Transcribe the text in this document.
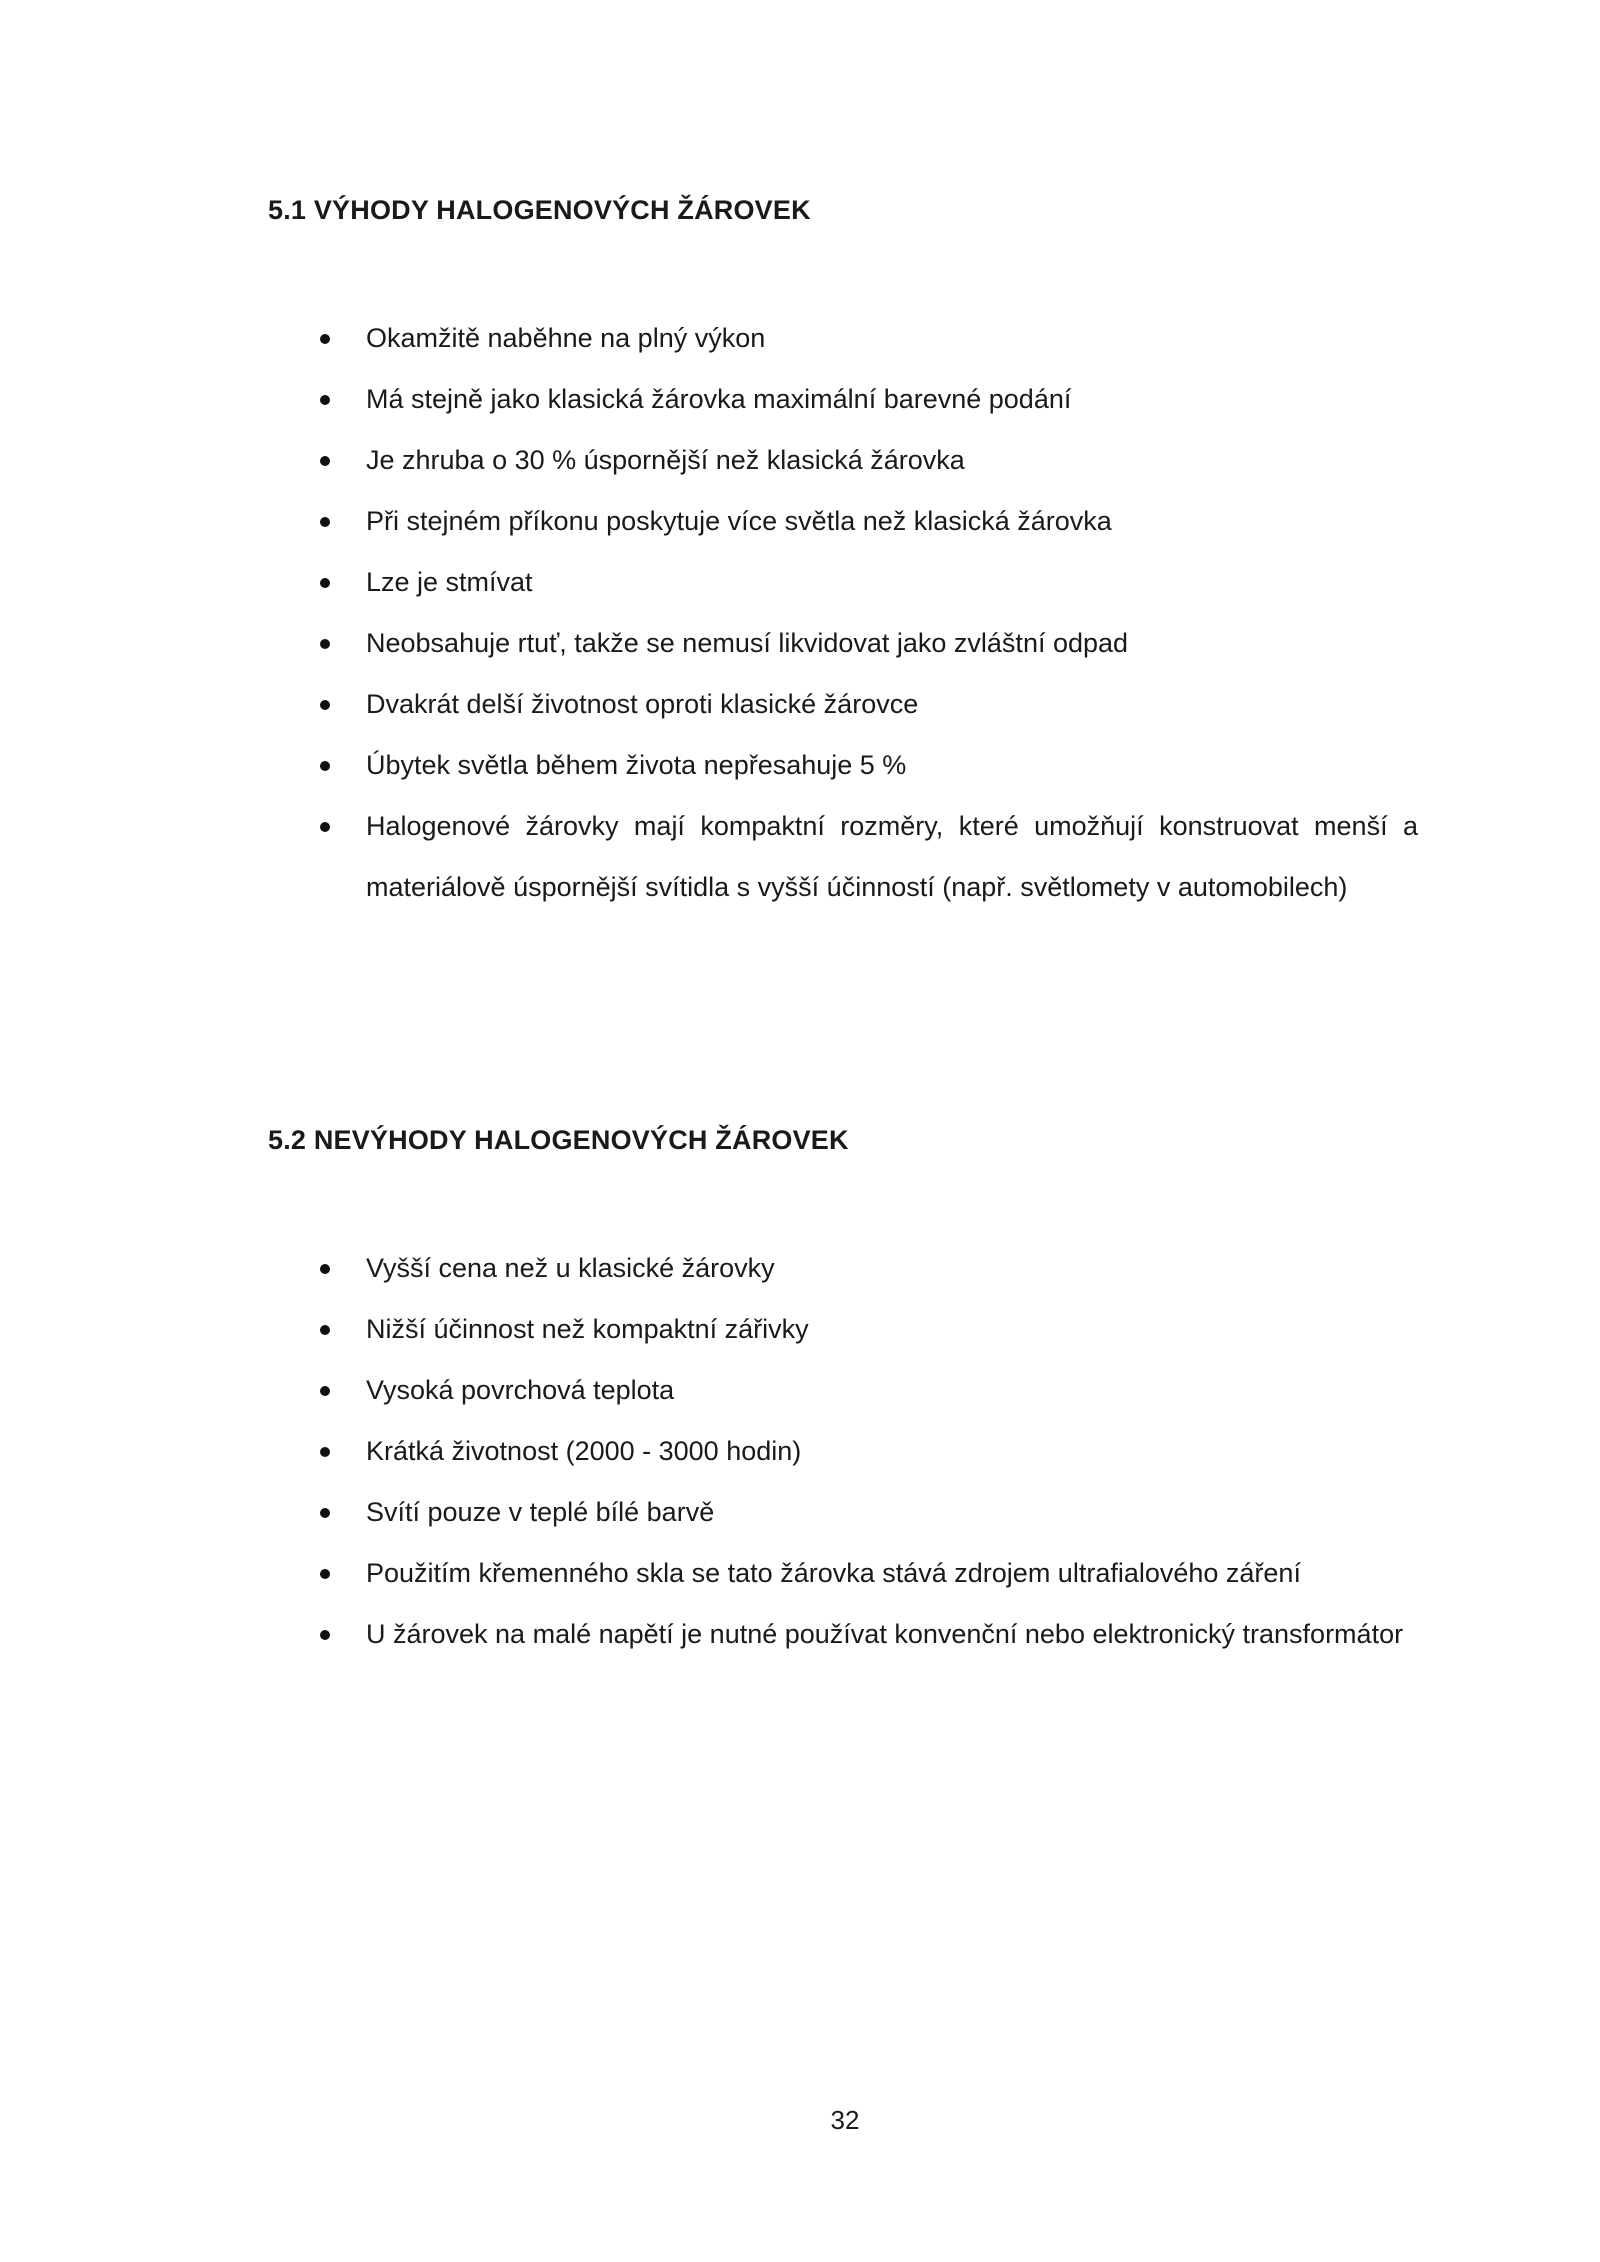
5.1 VÝHODY HALOGENOVÝCH ŽÁROVEK
Okamžitě naběhne na plný výkon
Má stejně jako klasická žárovka maximální barevné podání
Je zhruba o 30 % úspornější než klasická žárovka
Při stejném příkonu poskytuje více světla než klasická žárovka
Lze je stmívat
Neobsahuje rtuť, takže se nemusí likvidovat jako zvláštní odpad
Dvakrát delší životnost oproti klasické žárovce
Úbytek světla během života nepřesahuje 5 %
Halogenové žárovky mají kompaktní rozměry, které umožňují konstruovat menší a materiálově úspornější svítidla s vyšší účinností (např. světlomety v automobilech)
5.2 NEVÝHODY HALOGENOVÝCH ŽÁROVEK
Vyšší cena než u klasické žárovky
Nižší účinnost než kompaktní zářivky
Vysoká povrchová teplota
Krátká životnost (2000 - 3000 hodin)
Svítí pouze v teplé bílé barvě
Použitím křemenného skla se tato žárovka stává zdrojem ultrafialového záření
U žárovek na malé napětí je nutné používat konvenční nebo elektronický transformátor
32
